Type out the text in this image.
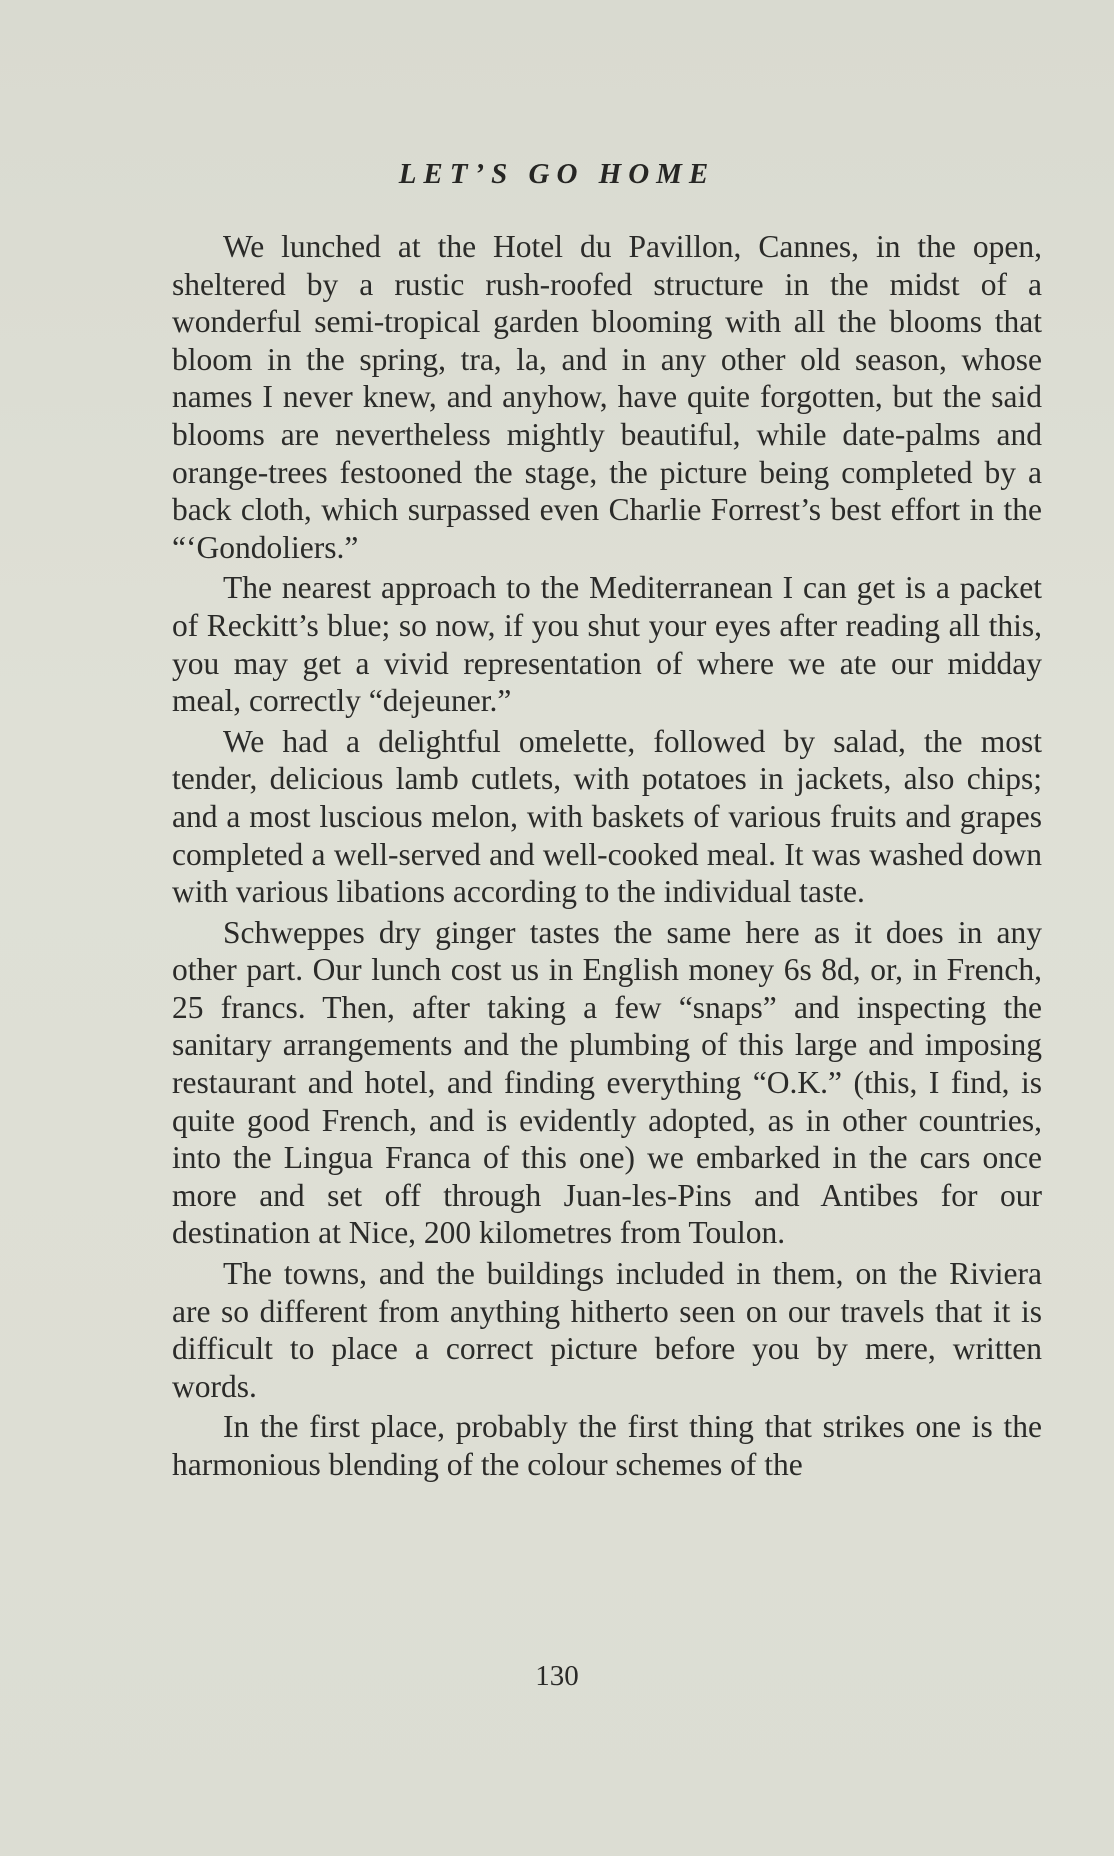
LET’S GO HOME

We lunched at the Hotel du Pavillon, Cannes, in the open, sheltered by a rustic rush-roofed structure in the midst of a wonderful semi-tropical garden blooming with all the blooms that bloom in the spring, tra, la, and in any other old season, whose names I never knew, and anyhow, have quite forgotten, but the said blooms are nevertheless mightly beautiful, while date-palms and orange-trees festooned the stage, the picture being completed by a back cloth, which surpassed even Charlie Forrest’s best effort in the “‘Gondoliers.”

The nearest approach to the Mediterranean I can get is a packet of Reckitt’s blue; so now, if you shut your eyes after reading all this, you may get a vivid representation of where we ate our midday meal, correctly “dejeuner.”

We had a delightful omelette, followed by salad, the most tender, delicious lamb cutlets, with potatoes in jackets, also chips; and a most luscious melon, with baskets of various fruits and grapes completed a well-served and well-cooked meal. It was washed down with various libations according to the individual taste.

Schweppes dry ginger tastes the same here as it does in any other part. Our lunch cost us in English money 6s 8d, or, in French, 25 francs. Then, after taking a few “snaps” and inspecting the sanitary arrangements and the plumbing of this large and imposing restaurant and hotel, and finding everything “O.K.” (this, I find, is quite good French, and is evidently adopted, as in other countries, into the Lingua Franca of this one) we embarked in the cars once more and set off through Juan-les-Pins and Antibes for our destination at Nice, 200 kilometres from Toulon.

The towns, and the buildings included in them, on the Riviera are so different from anything hitherto seen on our travels that it is difficult to place a correct picture before you by mere, written words.

In the first place, probably the first thing that strikes one is the harmonious blending of the colour schemes of the

130
